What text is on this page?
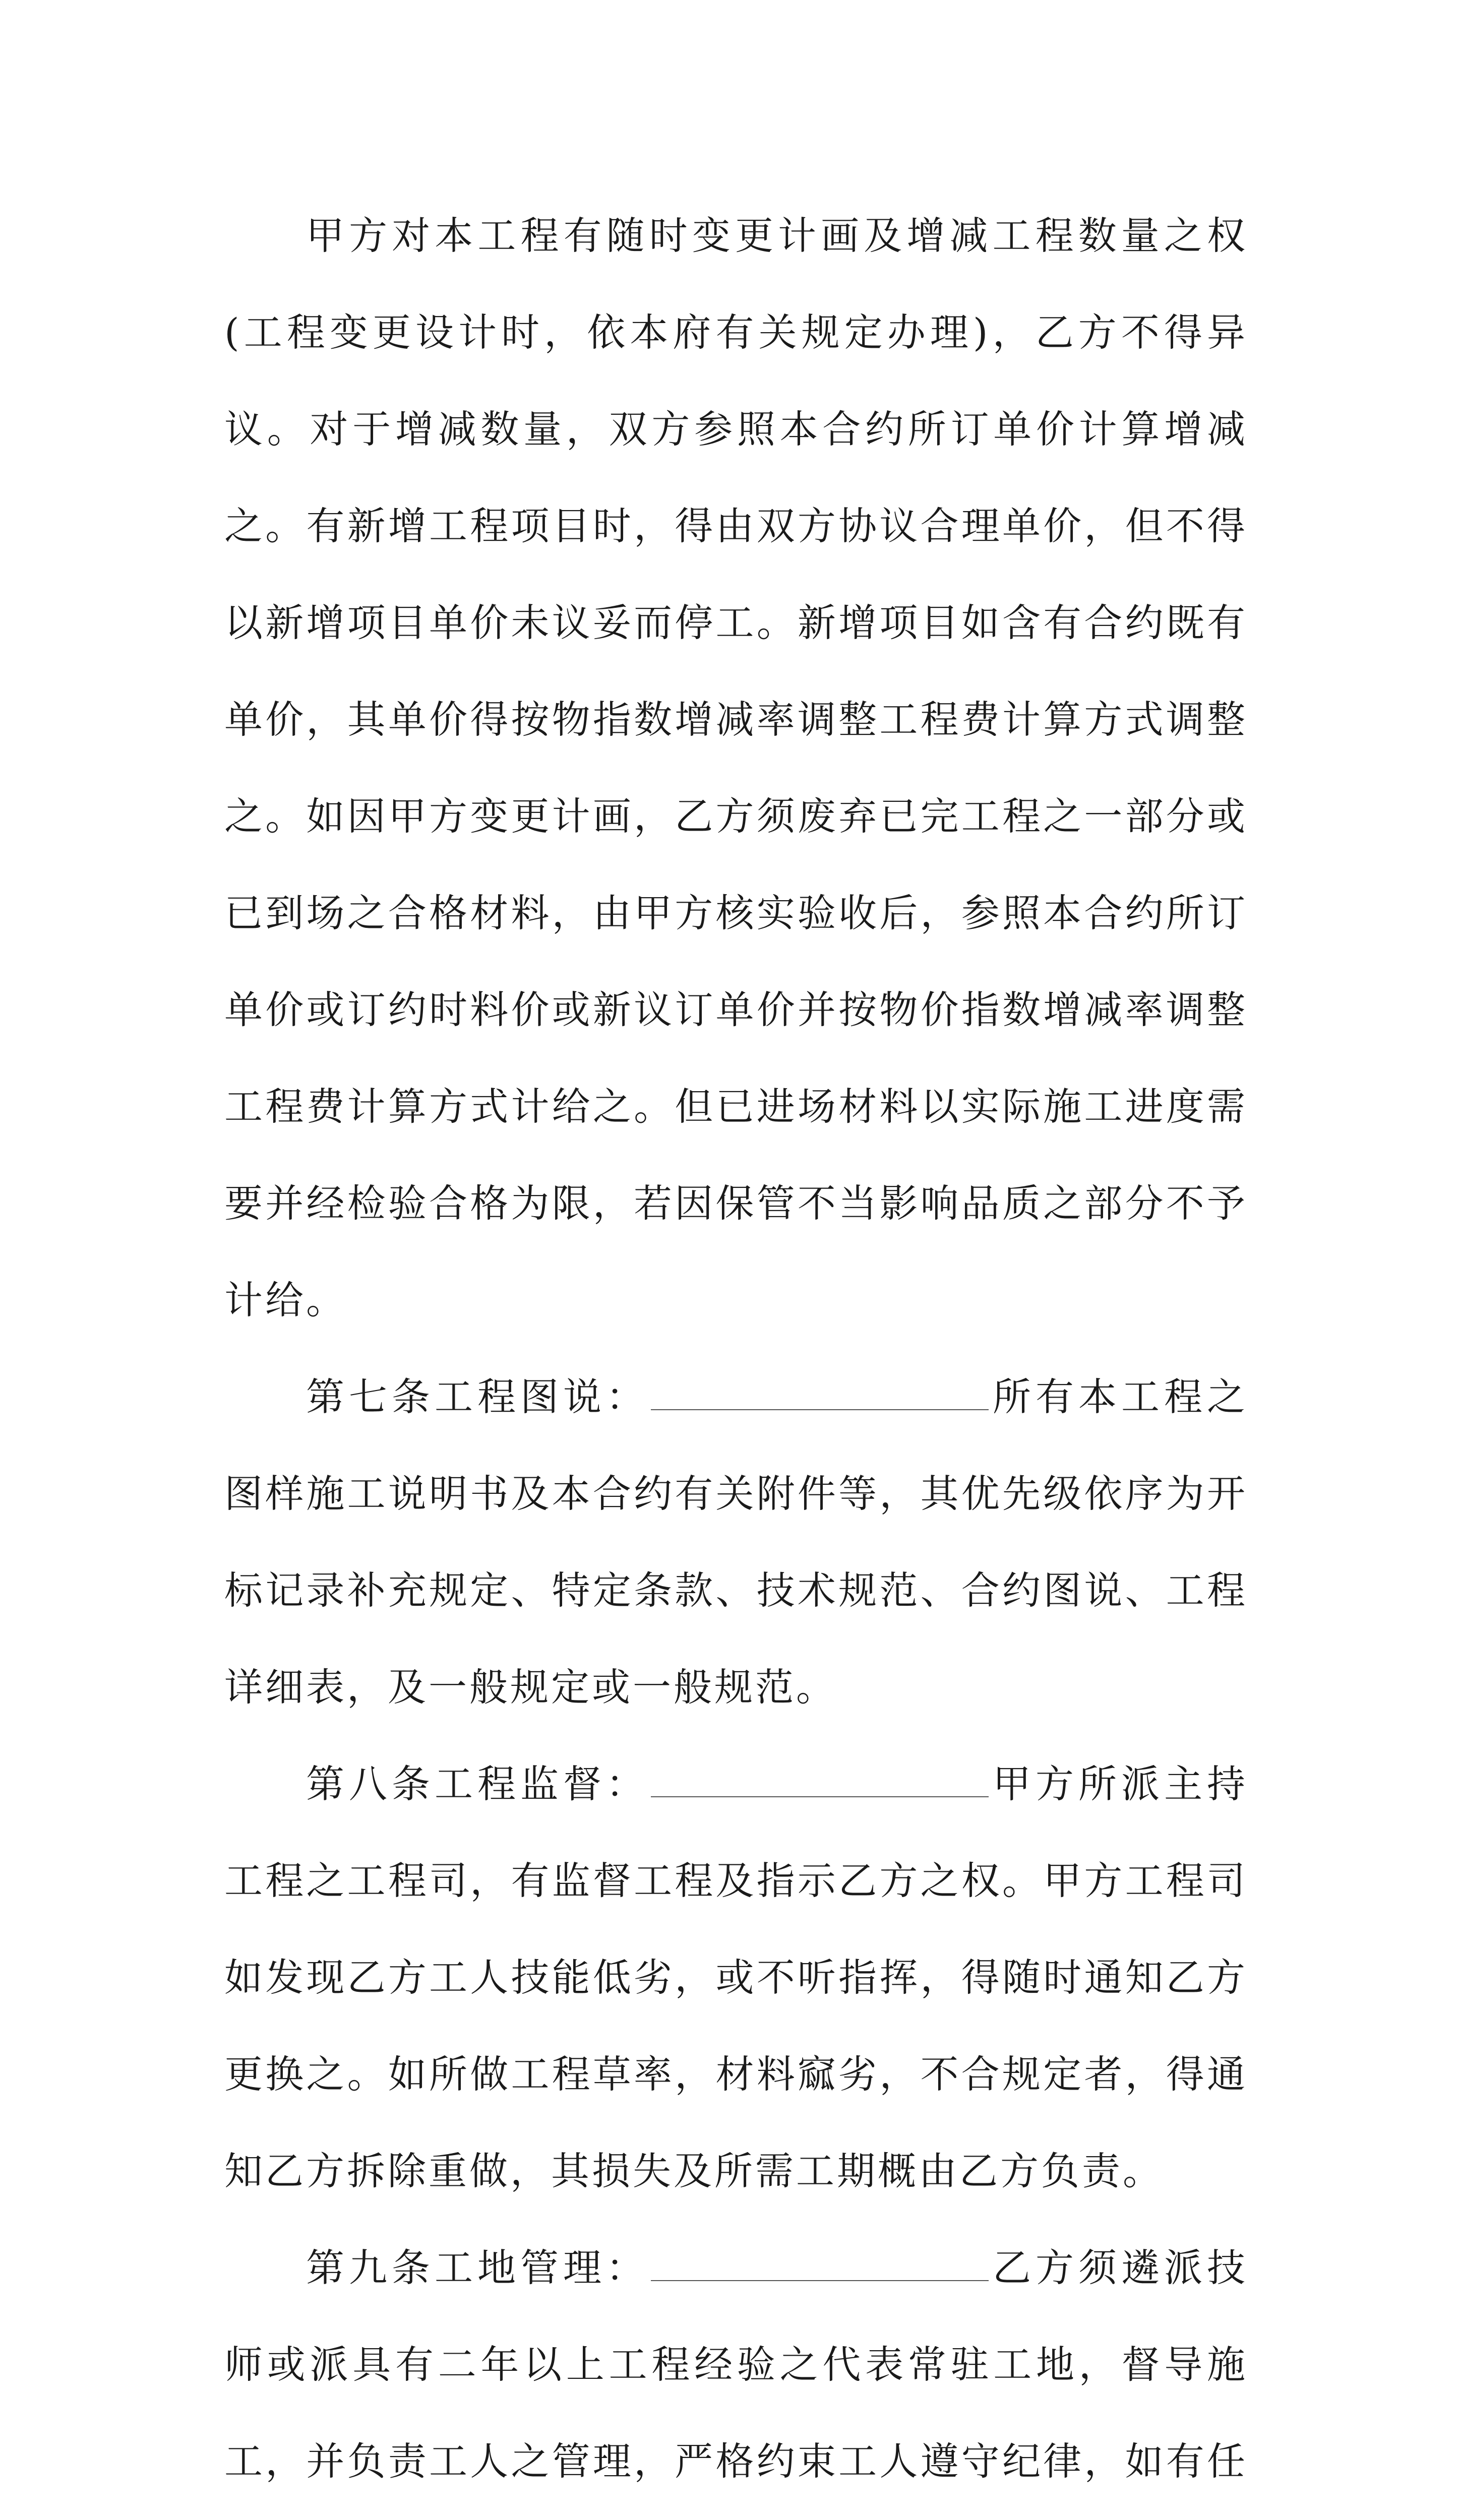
甲方对本工程有随时变更计画及增减工程数量之权(工程变更设计时，依本府有关规定办理)，乙方不得异议。对于增减数量，双方参照本合约所订单价计算增减之。有新增工程项目时，得由双方协议合理单价，但不得以新增项目单价未议妥而停工。新增项目如含有合约既有单价，其单价得按物指数增减率调整工程费计算方式调整之。如因甲方变更计画，乙方须废弃已完工程之一部分或已到场之合格材料，由甲方核实验收后，参照本合约所订单价或订约时料价或新议订单价并按物价指数增减率调整工程费计算方式计给之。但已进场材料以实际施工进度需要并经检验合格为限，若因保管不当影响品质之部分不予计给。

第七条工程图说：	所有本工程之图样施工说明书及本合约有关附件等，其优先级依序为开标记录补充规定、特定条款、技术规范、合约图说、工程详细表，及一般规定或一般规范。

第八条工程监督：	甲方所派主持工程之工程司，有监督工程及指示乙方之权。甲方工程司如发现乙方工人技能低劣，或不听指挥，得随时通知乙方更换之。如所做工程草率，材料窳劣，不合规定者，得通知乙方拆除重做，其损失及所需工期概由乙方负责。

第九条工地管理：	乙方须遴派技师或派具有二年以上工程经验之代表常驻工地，督导施工，并负责工人之管理，严格约束工人遵守纪律，如有任
